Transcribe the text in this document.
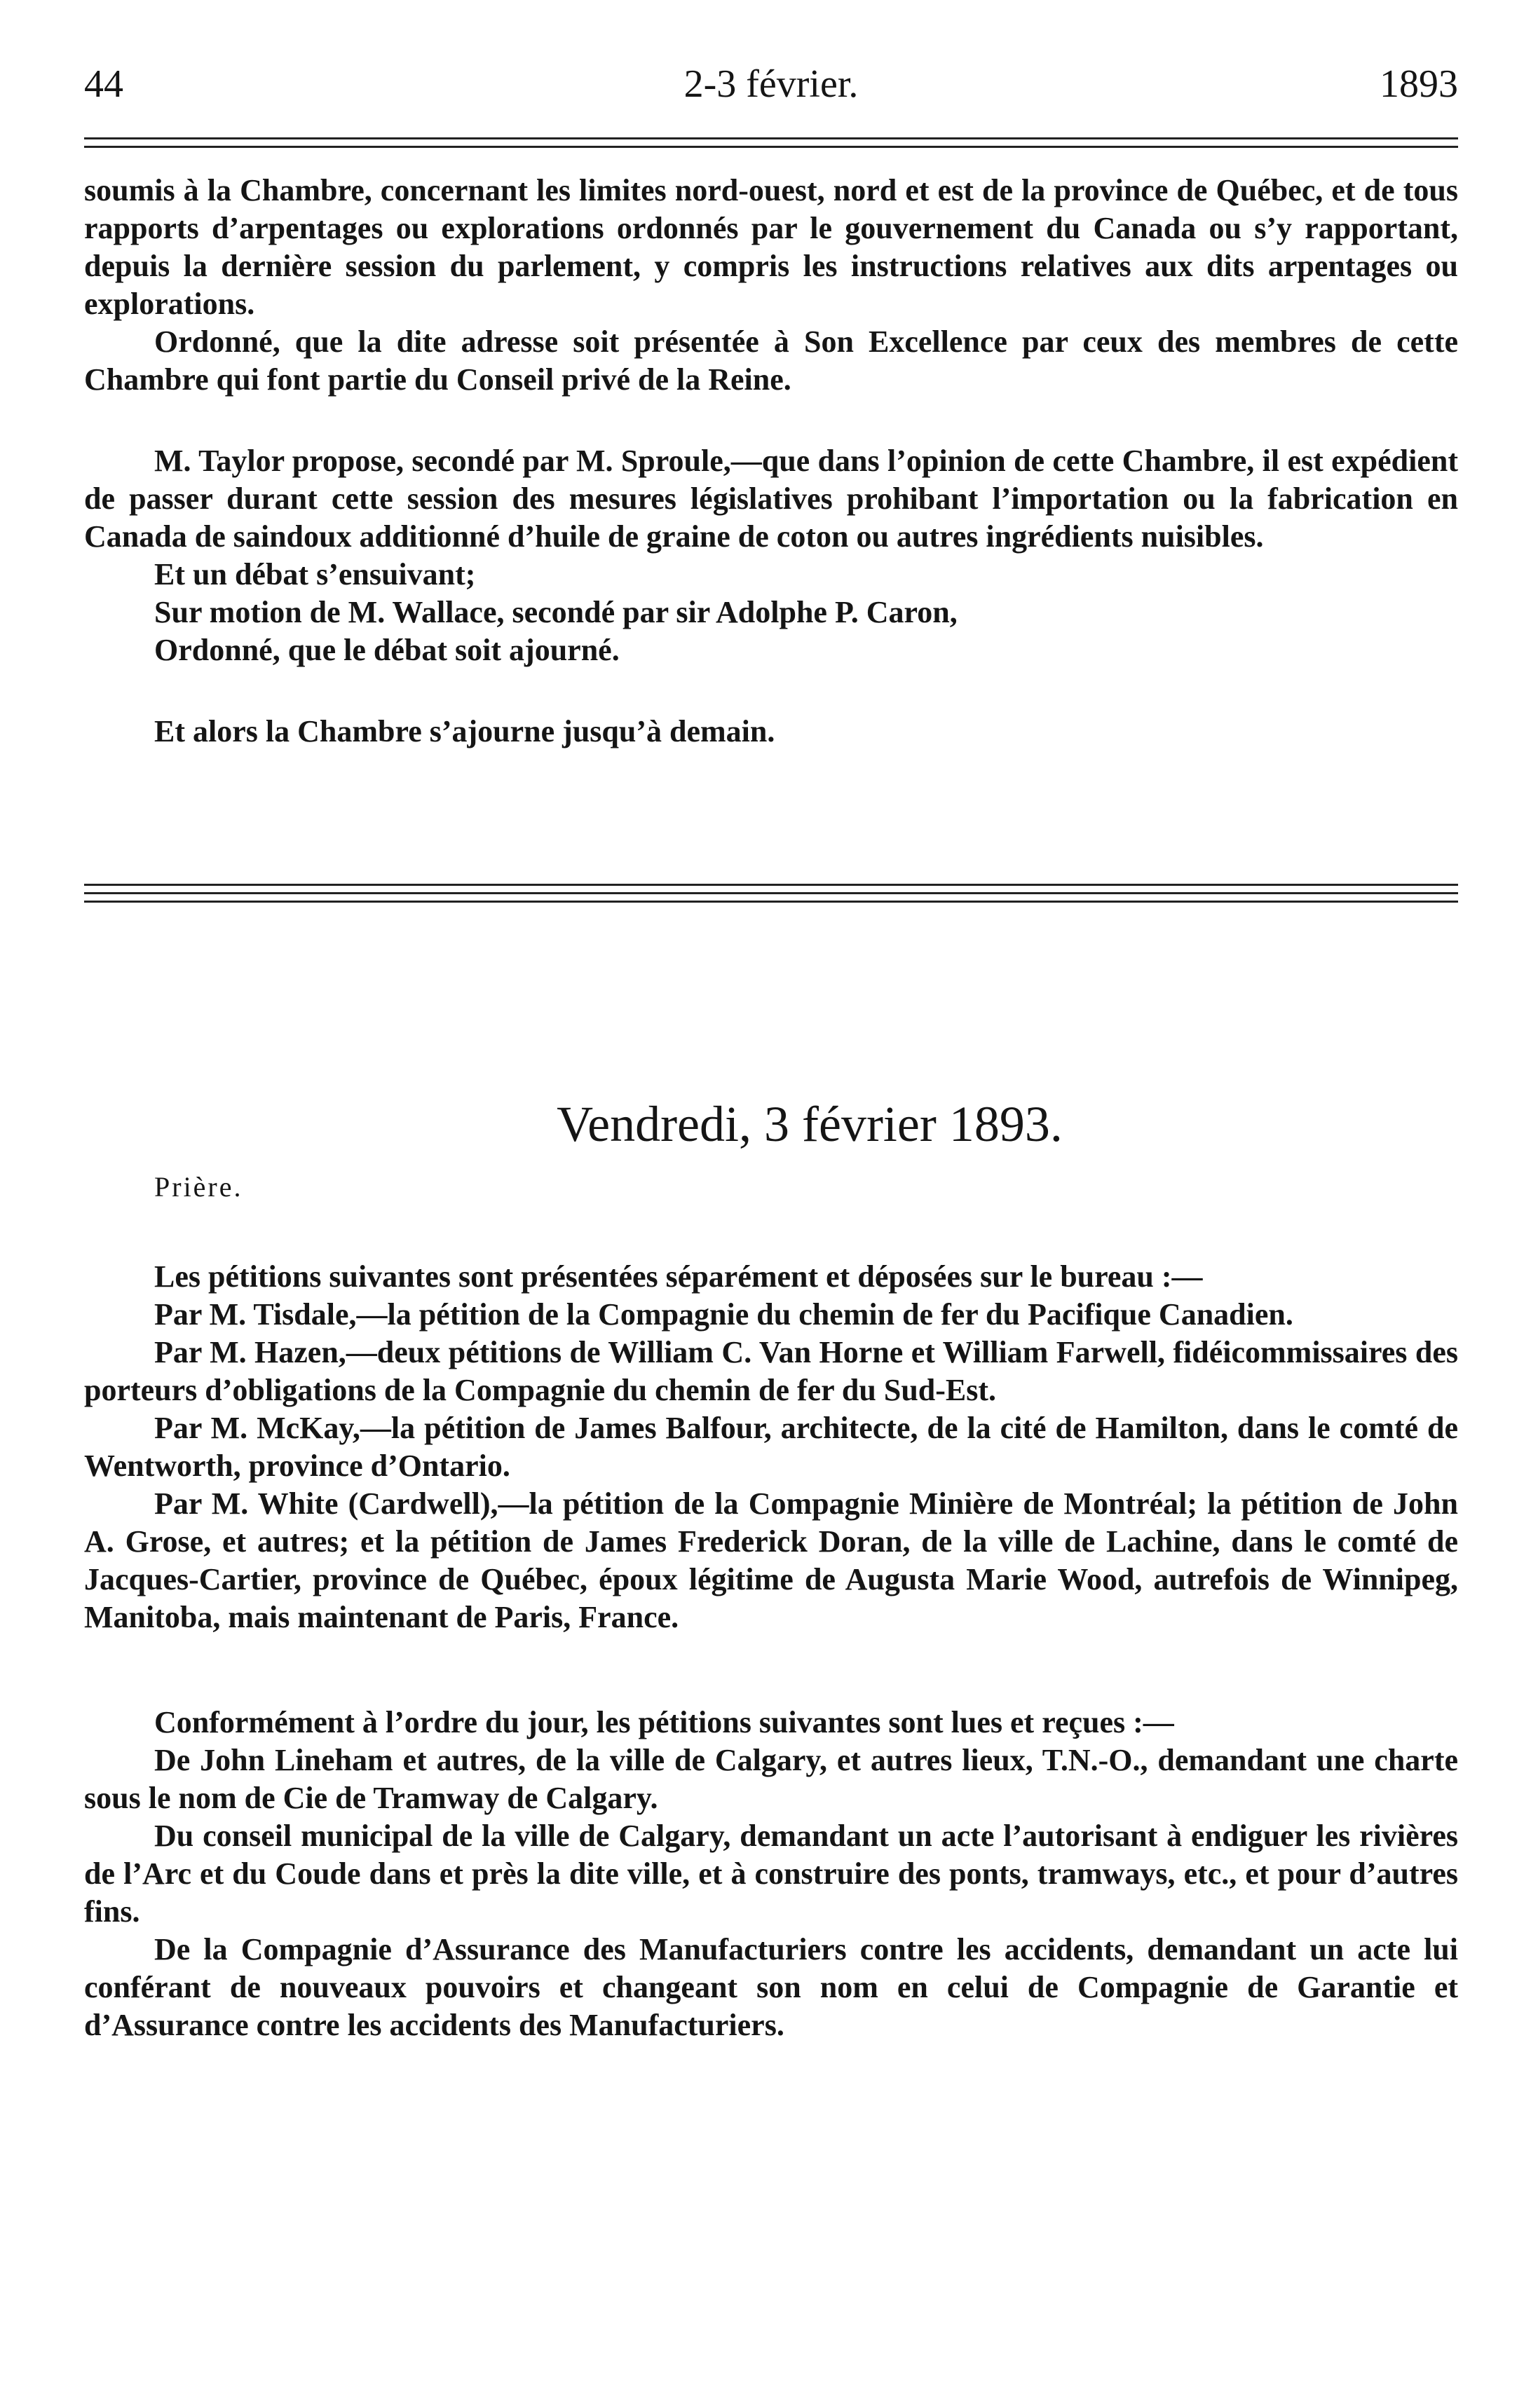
44	2-3 février.	1893

soumis à la Chambre, concernant les limites nord-ouest, nord et est de la province de Québec, et de tous rapports d’arpentages ou explorations ordonnés par le gouvernement du Canada ou s’y rapportant, depuis la dernière session du parlement, y compris les instructions relatives aux dits arpentages ou explorations.

Ordonné, que la dite adresse soit présentée à Son Excellence par ceux des membres de cette Chambre qui font partie du Conseil privé de la Reine.

M. Taylor propose, secondé par M. Sproule,—que dans l’opinion de cette Chambre, il est expédient de passer durant cette session des mesures législatives prohibant l’importation ou la fabrication en Canada de saindoux additionné d’huile de graine de coton ou autres ingrédients nuisibles.

Et un débat s’ensuivant;

Sur motion de M. Wallace, secondé par sir Adolphe P. Caron,

Ordonné, que le débat soit ajourné.

Et alors la Chambre s’ajourne jusqu’à demain.

Vendredi, 3 février 1893.
Prière.

Les pétitions suivantes sont présentées séparément et déposées sur le bureau :—

Par M. Tisdale,—la pétition de la Compagnie du chemin de fer du Pacifique Canadien.

Par M. Hazen,—deux pétitions de William C. Van Horne et William Farwell, fidéicommissaires des porteurs d’obligations de la Compagnie du chemin de fer du Sud-Est.

Par M. McKay,—la pétition de James Balfour, architecte, de la cité de Hamilton, dans le comté de Wentworth, province d’Ontario.

Par M. White (Cardwell),—la pétition de la Compagnie Minière de Montréal; la pétition de John A. Grose, et autres; et la pétition de James Frederick Doran, de la ville de Lachine, dans le comté de Jacques-Cartier, province de Québec, époux légitime de Augusta Marie Wood, autrefois de Winnipeg, Manitoba, mais maintenant de Paris, France.

Conformément à l’ordre du jour, les pétitions suivantes sont lues et reçues :—

De John Lineham et autres, de la ville de Calgary, et autres lieux, T.N.-O., demandant une charte sous le nom de Cie de Tramway de Calgary.

Du conseil municipal de la ville de Calgary, demandant un acte l’autorisant à endiguer les rivières de l’Arc et du Coude dans et près la dite ville, et à construire des ponts, tramways, etc., et pour d’autres fins.

De la Compagnie d’Assurance des Manufacturiers contre les accidents, demandant un acte lui conférant de nouveaux pouvoirs et changeant son nom en celui de Compagnie de Garantie et d’Assurance contre les accidents des Manufacturiers.
